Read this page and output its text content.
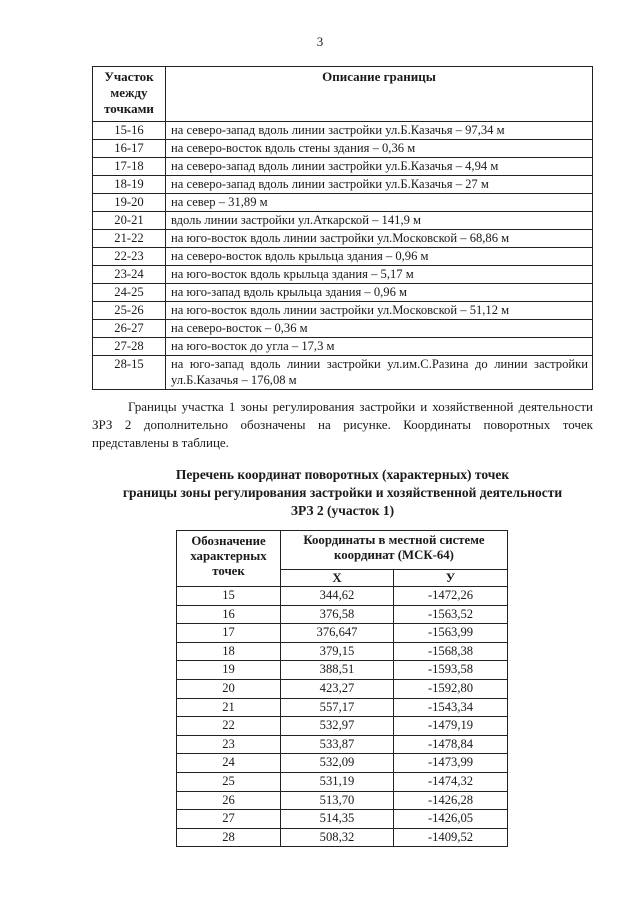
3
Участок между точками	Описание границы
15-16	на северо-запад вдоль линии застройки ул.Б.Казачья – 97,34 м
16-17	на северо-восток вдоль стены здания – 0,36 м
17-18	на северо-запад вдоль линии застройки ул.Б.Казачья – 4,94 м
18-19	на северо-запад вдоль линии застройки ул.Б.Казачья – 27 м
19-20	на север – 31,89 м
20-21	вдоль линии застройки ул.Аткарской – 141,9 м
21-22	на юго-восток вдоль линии застройки ул.Московской – 68,86 м
22-23	на северо-восток вдоль крыльца здания – 0,96 м
23-24	на юго-восток вдоль крыльца здания – 5,17 м
24-25	на юго-запад вдоль крыльца здания – 0,96 м
25-26	на юго-восток вдоль линии застройки ул.Московской – 51,12 м
26-27	на северо-восток – 0,36 м
27-28	на юго-восток до угла – 17,3 м
28-15	на юго-запад вдоль линии застройки ул.им.С.Разина до линии застройки ул.Б.Казачья – 176,08 м
Границы участка 1 зоны регулирования застройки и хозяйственной деятельности ЗРЗ 2 дополнительно обозначены на рисунке. Координаты поворотных точек представлены в таблице.
Перечень координат поворотных (характерных) точек
границы зоны регулирования застройки и хозяйственной деятельности
ЗРЗ 2 (участок 1)
Обозначение характерных точек	Координаты в местной системе координат (МСК-64)	
	X	У
15	344,62	-1472,26
16	376,58	-1563,52
17	376,647	-1563,99
18	379,15	-1568,38
19	388,51	-1593,58
20	423,27	-1592,80
21	557,17	-1543,34
22	532,97	-1479,19
23	533,87	-1478,84
24	532,09	-1473,99
25	531,19	-1474,32
26	513,70	-1426,28
27	514,35	-1426,05
28	508,32	-1409,52
